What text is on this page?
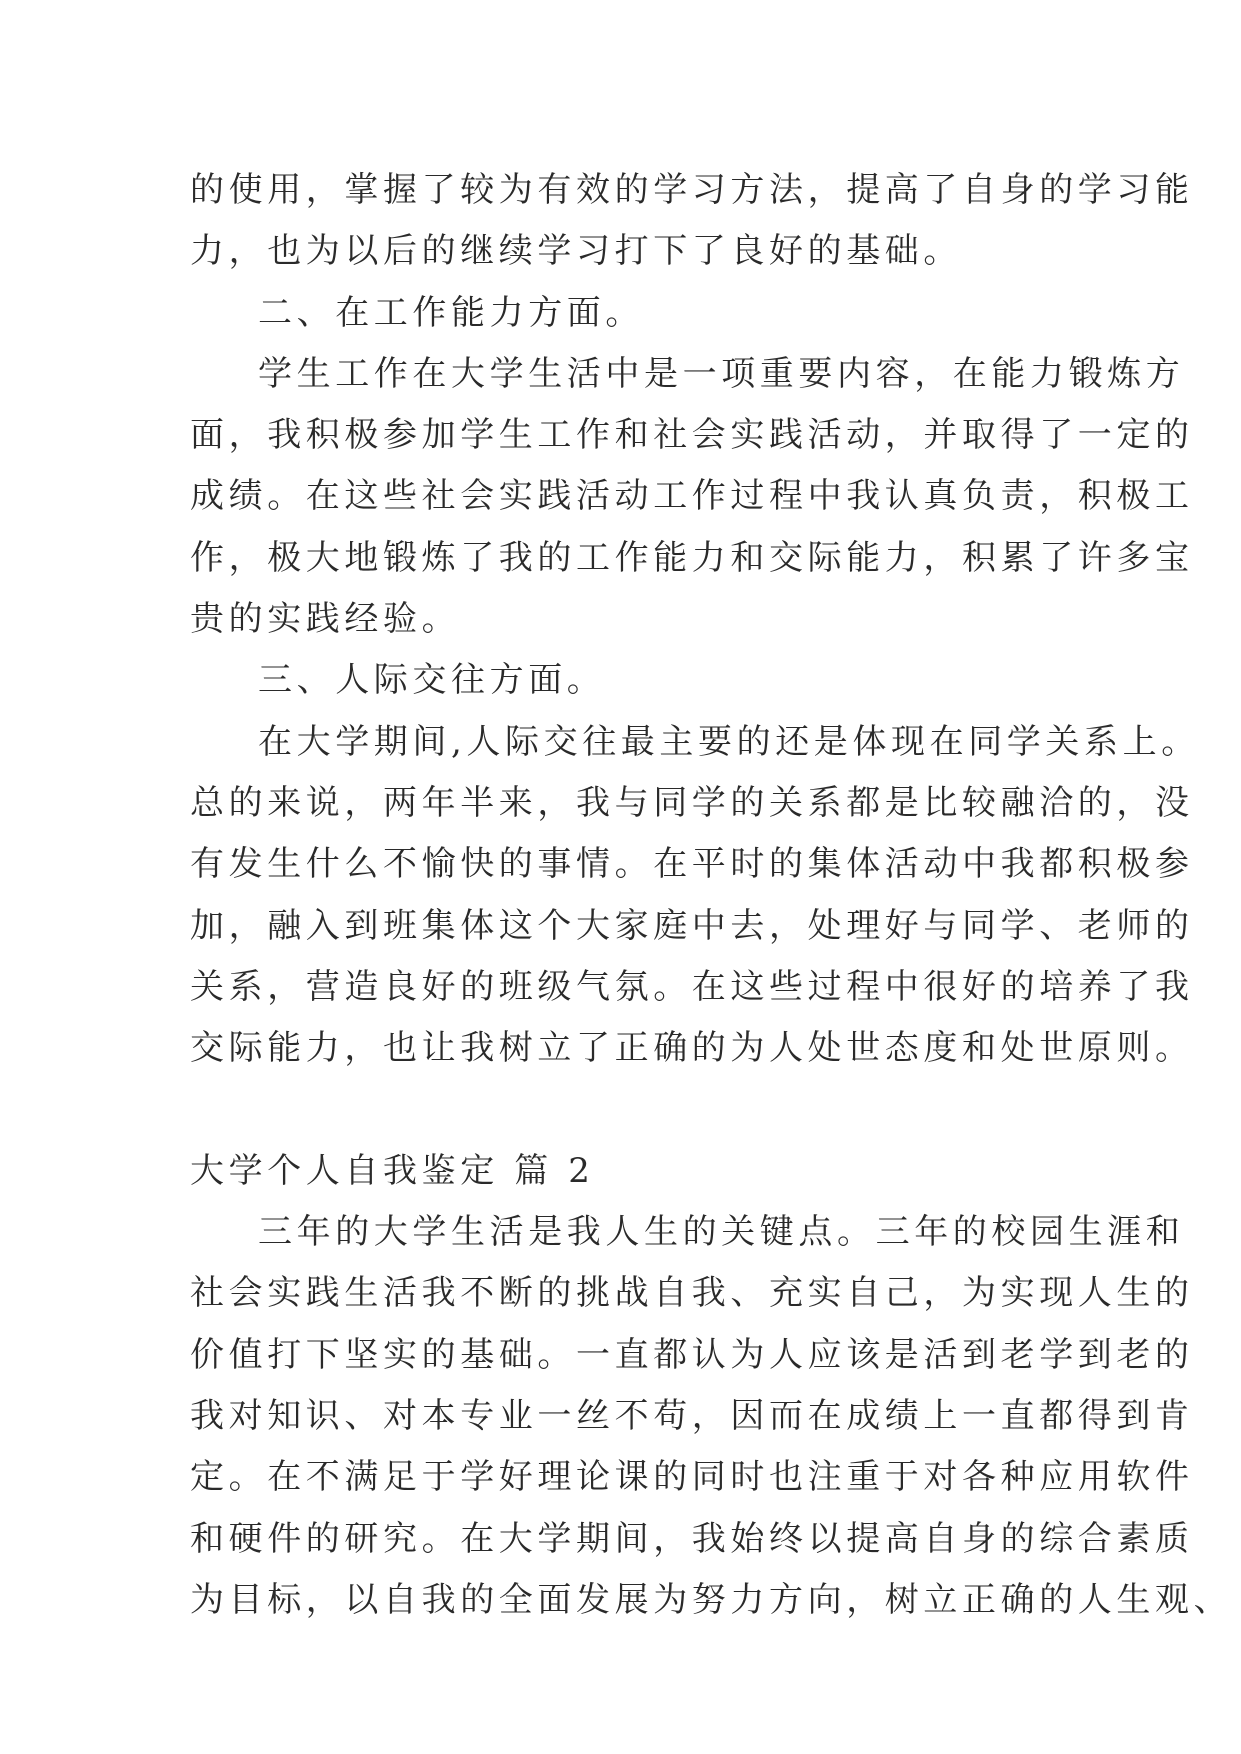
的使用，掌握了较为有效的学习方法，提高了自身的学习能
力，也为以后的继续学习打下了良好的基础。
二、在工作能力方面。
学生工作在大学生活中是一项重要内容，在能力锻炼方
面，我积极参加学生工作和社会实践活动，并取得了一定的
成绩。在这些社会实践活动工作过程中我认真负责，积极工
作，极大地锻炼了我的工作能力和交际能力，积累了许多宝
贵的实践经验。
三、人际交往方面。
在大学期间,人际交往最主要的还是体现在同学关系上。
总的来说，两年半来，我与同学的关系都是比较融洽的，没
有发生什么不愉快的事情。在平时的集体活动中我都积极参
加，融入到班集体这个大家庭中去，处理好与同学、老师的
关系，营造良好的班级气氛。在这些过程中很好的培养了我
交际能力，也让我树立了正确的为人处世态度和处世原则。
大学个人自我鉴定 篇 2
三年的大学生活是我人生的关键点。三年的校园生涯和
社会实践生活我不断的挑战自我、充实自己，为实现人生的
价值打下坚实的基础。一直都认为人应该是活到老学到老的
我对知识、对本专业一丝不苟，因而在成绩上一直都得到肯
定。在不满足于学好理论课的同时也注重于对各种应用软件
和硬件的研究。在大学期间，我始终以提高自身的综合素质
为目标，以自我的全面发展为努力方向，树立正确的人生观、
